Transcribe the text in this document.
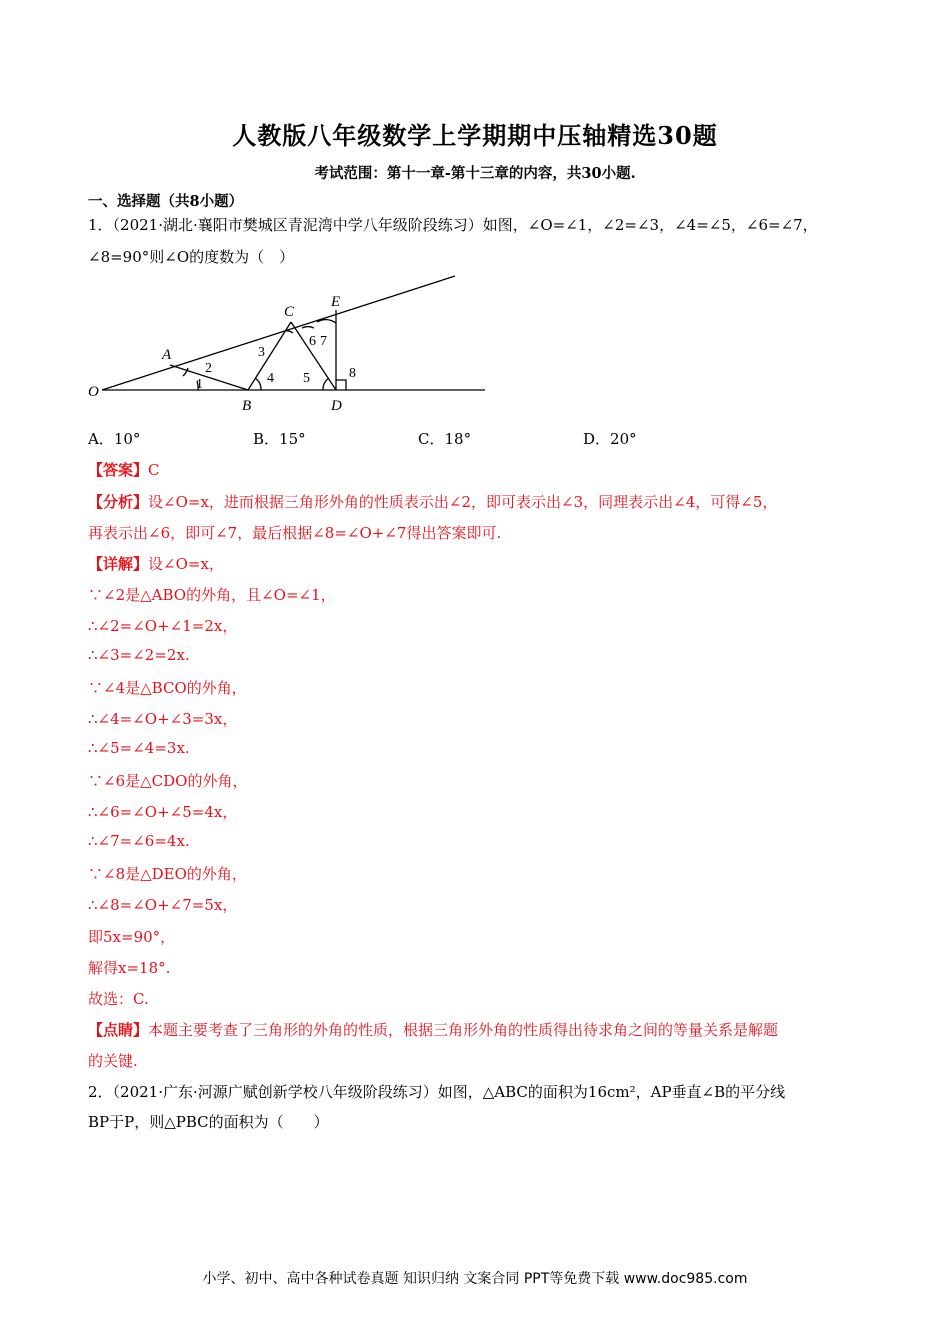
人教版八年级数学上学期期中压轴精选30题
考试范围：第十一章-第十三章的内容，共30小题.
一、选择题（共8小题）
1．（2021·湖北·襄阳市樊城区青泥湾中学八年级阶段练习）如图，∠O=∠1，∠2=∠3，∠4=∠5，∠6=∠7，
∠8=90°则∠O的度数为（　）
O
A
B
C
D
E
1
2
3
4 5
6 7
8
A．10°	B．15°	C．18°	D．20°
【答案】C
【分析】设∠O=x，进而根据三角形外角的性质表示出∠2，即可表示出∠3，同理表示出∠4，可得∠5，
再表示出∠6，即可∠7，最后根据∠8=∠O+∠7得出答案即可.
【详解】设∠O=x，
∵∠2是△ABO的外角，且∠O=∠1，
∴∠2=∠O+∠1=2x，
∴∠3=∠2=2x.
∵∠4是△BCO的外角，
∴∠4=∠O+∠3=3x，
∴∠5=∠4=3x.
∵∠6是△CDO的外角，
∴∠6=∠O+∠5=4x，
∴∠7=∠6=4x.
∵∠8是△DEO的外角，
∴∠8=∠O+∠7=5x，
即5x=90°，
解得x=18°.
故选：C.
【点睛】本题主要考查了三角形的外角的性质，根据三角形外角的性质得出待求角之间的等量关系是解题
的关键.
2．（2021·广东·河源广赋创新学校八年级阶段练习）如图，△ABC的面积为16cm²，AP垂直∠B的平分线
BP于P，则△PBC的面积为（　　）
小学、初中、高中各种试卷真题 知识归纳 文案合同 PPT等免费下载 www.doc985.com
